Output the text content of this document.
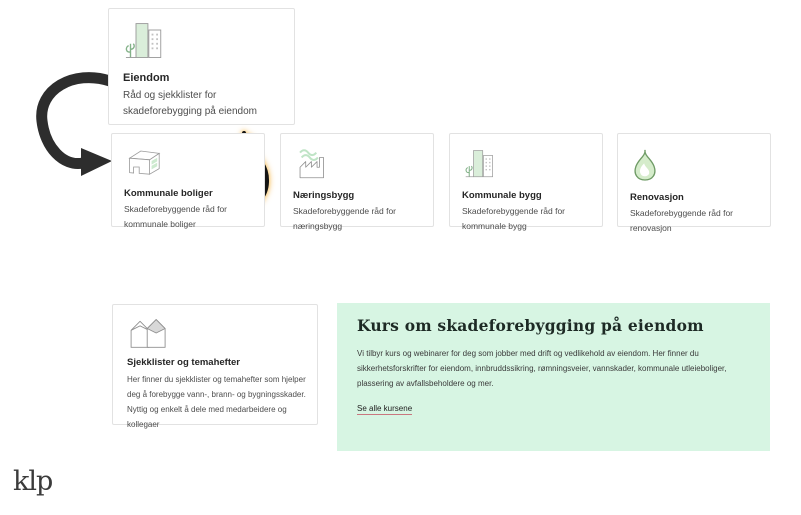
Eiendom

Råd og sjekklister for skadeforebygging på eiendom

Kommunale boliger

Skadeforebyggende råd for kommunale boliger

Næringsbygg

Skadeforebyggende råd for næringsbygg

Kommunale bygg

Skadeforebyggende råd for kommunale bygg

Renovasjon

Skadeforebyggende råd for renovasjon

Sjekklister og temahefter

Her finner du sjekklister og temahefter som hjelper deg å forebygge vann-, brann- og bygningsskader. Nyttig og enkelt å dele med medarbeidere og kollegaer

Kurs om skadeforebygging på eiendom

Vi tilbyr kurs og webinarer for deg som jobber med drift og vedlikehold av eiendom. Her finner du sikkerhetsforskrifter for eiendom, innbruddssikring, rømningsveier, vannskader, kommunale utleieboliger, plassering av avfallsbeholdere og mer.

Se alle kursene
klp
